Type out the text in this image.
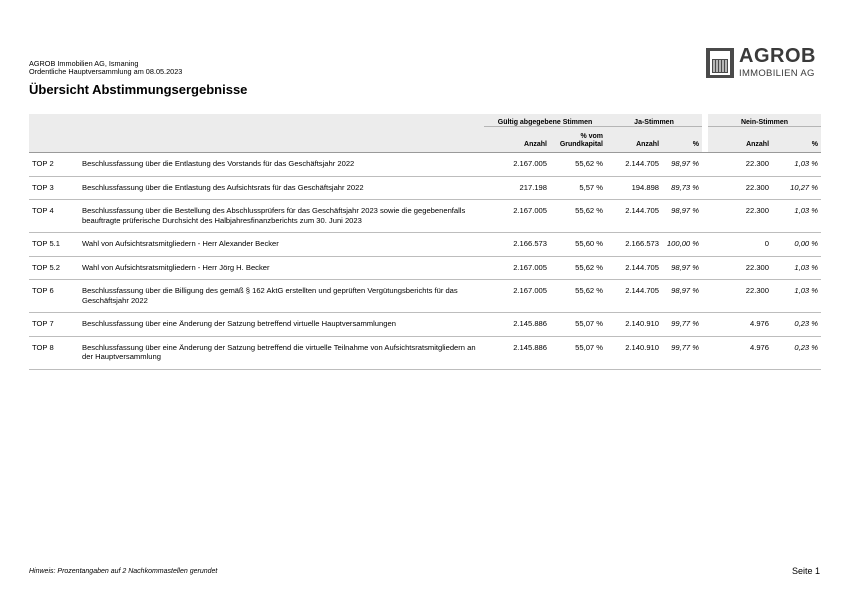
AGROB Immobilien AG, Ismaning
Ordentliche Hauptversammlung am 08.05.2023
Übersicht Abstimmungsergebnisse
AGROB
IMMOBILIEN AG
		Gültig abgegebene Stimmen		Ja-Stimmen			Nein-Stimmen	
		Anzahl	% vom Grundkapital	Anzahl	%		Anzahl	%
TOP 2	Beschlussfassung über die Entlastung des Vorstands für das Geschäftsjahr 2022	2.167.005	55,62 %	2.144.705	98,97 %		22.300	1,03 %
TOP 3	Beschlussfassung über die Entlastung des Aufsichtsrats für das Geschäftsjahr 2022	217.198	5,57 %	194.898	89,73 %		22.300	10,27 %
TOP 4	Beschlussfassung über die Bestellung des Abschlussprüfers für das Geschäftsjahr 2023 sowie die gegebenenfalls beauftragte prüferische Durchsicht des Halbjahresfinanzberichts zum 30. Juni 2023	2.167.005	55,62 %	2.144.705	98,97 %		22.300	1,03 %
TOP 5.1	Wahl von Aufsichtsratsmitgliedern - Herr Alexander Becker	2.166.573	55,60 %	2.166.573	100,00 %		0	0,00 %
TOP 5.2	Wahl von Aufsichtsratsmitgliedern - Herr Jörg H. Becker	2.167.005	55,62 %	2.144.705	98,97 %		22.300	1,03 %
TOP 6	Beschlussfassung über die Billigung des gemäß § 162 AktG erstellten und geprüften Vergütungsberichts für das Geschäftsjahr 2022	2.167.005	55,62 %	2.144.705	98,97 %		22.300	1,03 %
TOP 7	Beschlussfassung über eine Änderung der Satzung betreffend virtuelle Hauptversammlungen	2.145.886	55,07 %	2.140.910	99,77 %		4.976	0,23 %
TOP 8	Beschlussfassung über eine Änderung der Satzung betreffend die virtuelle Teilnahme von Aufsichtsratsmitgliedern an der Hauptversammlung	2.145.886	55,07 %	2.140.910	99,77 %		4.976	0,23 %
Hinweis: Prozentangaben auf 2 Nachkommastellen gerundet	Seite 1
